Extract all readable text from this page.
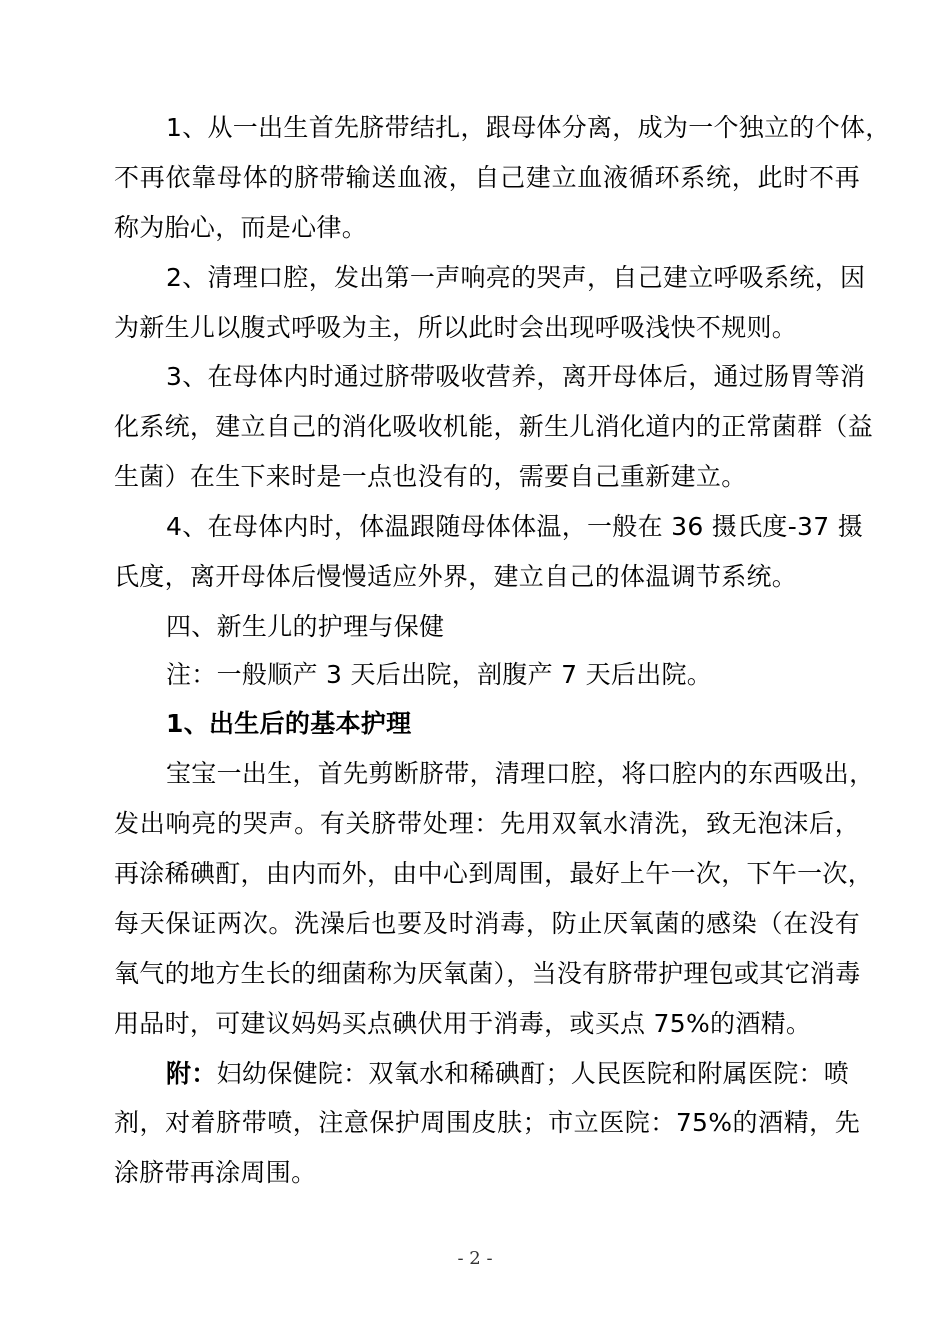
1、从一出生首先脐带结扎，跟母体分离，成为一个独立的个体，
不再依靠母体的脐带输送血液，自己建立血液循环系统，此时不再
称为胎心，而是心律。
2、清理口腔，发出第一声响亮的哭声，自己建立呼吸系统，因
为新生儿以腹式呼吸为主，所以此时会出现呼吸浅快不规则。
3、在母体内时通过脐带吸收营养，离开母体后，通过肠胃等消
化系统，建立自己的消化吸收机能，新生儿消化道内的正常菌群（益
生菌）在生下来时是一点也没有的，需要自己重新建立。
4、在母体内时，体温跟随母体体温，一般在 36 摄氏度-37 摄
氏度，离开母体后慢慢适应外界，建立自己的体温调节系统。
四、新生儿的护理与保健
注：一般顺产 3 天后出院，剖腹产 7 天后出院。
1、出生后的基本护理
宝宝一出生，首先剪断脐带，清理口腔，将口腔内的东西吸出，
发出响亮的哭声。有关脐带处理：先用双氧水清洗，致无泡沫后，
再涂稀碘酊，由内而外，由中心到周围，最好上午一次，下午一次，
每天保证两次。洗澡后也要及时消毒，防止厌氧菌的感染（在没有
氧气的地方生长的细菌称为厌氧菌），当没有脐带护理包或其它消毒
用品时，可建议妈妈买点碘伏用于消毒，或买点 75%的酒精。
附：妇幼保健院：双氧水和稀碘酊；人民医院和附属医院：喷
剂，对着脐带喷，注意保护周围皮肤；市立医院：75%的酒精，先
涂脐带再涂周围。
- 2 -
